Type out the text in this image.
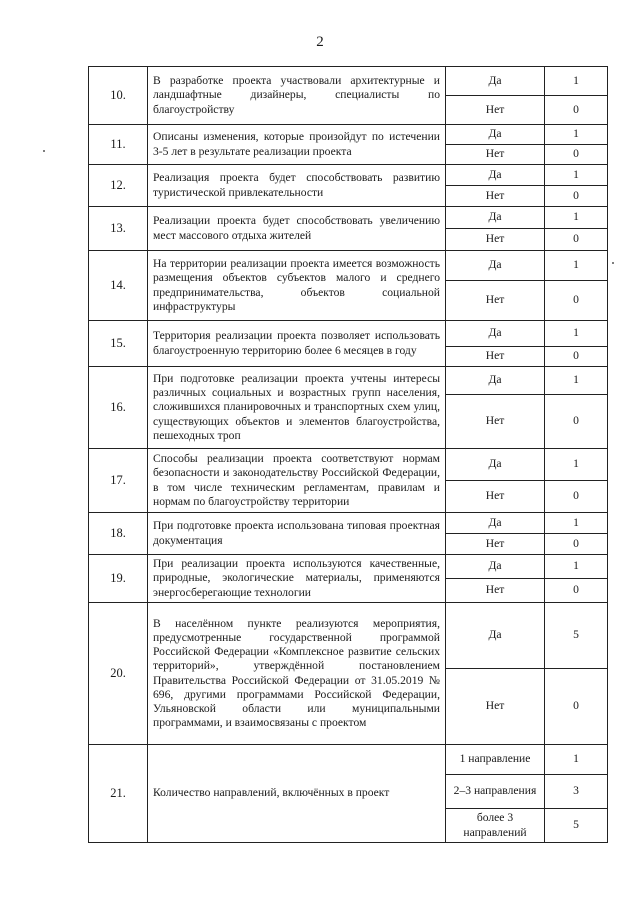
2
10.	В разработке проекта участвовали архитектурные и ландшафтные дизайнеры, специалисты по благоустройству	Да	1
		Нет	0
11.	Описаны изменения, которые произойдут по истечении 3-5 лет в результате реализации проекта	Да	1
		Нет	0
12.	Реализация проекта будет способствовать развитию туристической привлекательности	Да	1
		Нет	0
13.	Реализации проекта будет способствовать увеличению мест массового отдыха жителей	Да	1
		Нет	0
14.	На территории реализации проекта имеется возможность размещения объектов субъектов малого и среднего предпринимательства, объектов социальной инфраструктуры	Да	1
		Нет	0
15.	Территория реализации проекта позволяет использовать благоустроенную территорию более 6 месяцев в году	Да	1
		Нет	0
16.	При подготовке реализации проекта учтены интересы различных социальных и возрастных групп населения, сложившихся планировочных и транспортных схем улиц, существующих объектов и элементов благоустройства, пешеходных троп	Да	1
		Нет	0
17.	Способы реализации проекта соответствуют нормам безопасности и законодательству Российской Федерации, в том числе техническим регламентам, правилам и нормам по благоустройству территории	Да	1
		Нет	0
18.	При подготовке проекта использована типовая проектная документация	Да	1
		Нет	0
19.	При реализации проекта используются качественные, природные, экологические материалы, применяются энергосберегающие технологии	Да	1
		Нет	0
20.	В населённом пункте реализуются мероприятия, предусмотренные государственной программой Российской Федерации «Комплексное развитие сельских территорий», утверждённой постановлением Правительства Российской Федерации от 31.05.2019 № 696, другими программами Российской Федерации, Ульяновской области или муниципальными программами, и взаимосвязаны с проектом	Да	5
		Нет	0
21.	Количество направлений, включённых в проект	1 направление	1
		2–3 направления	3
		более 3 направлений	5
